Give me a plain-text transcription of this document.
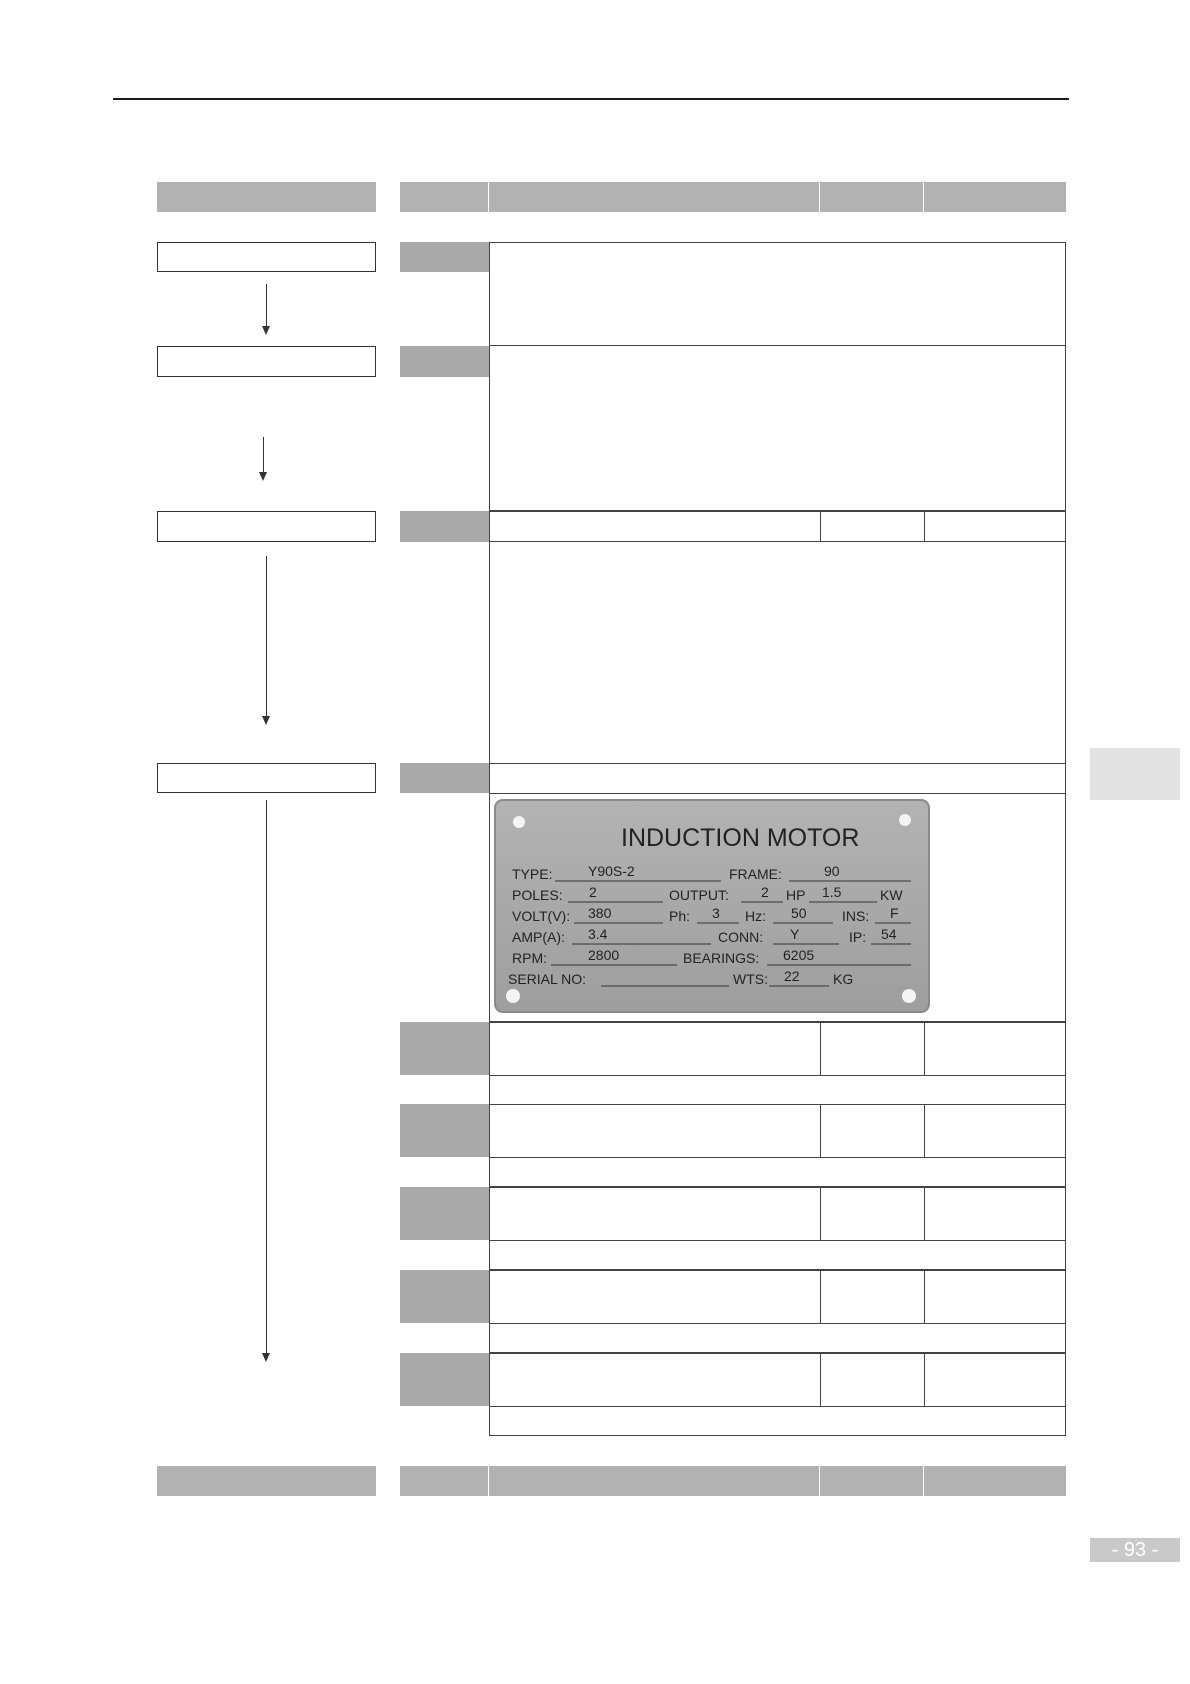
INDUCTION MOTOR
TYPE:	Y90S-2	FRAME:	90
POLES: 2	OUTPUT: 2 HP 1.5	KW
VOLT(V): 380	Ph: 3 Hz: 50	INS: F
AMP(A): 3.4	CONN: Y	IP: 54
RPM:	2800	BEARINGS: 6205
SERIAL NO:	WTS: 22 KG
- 93 -
